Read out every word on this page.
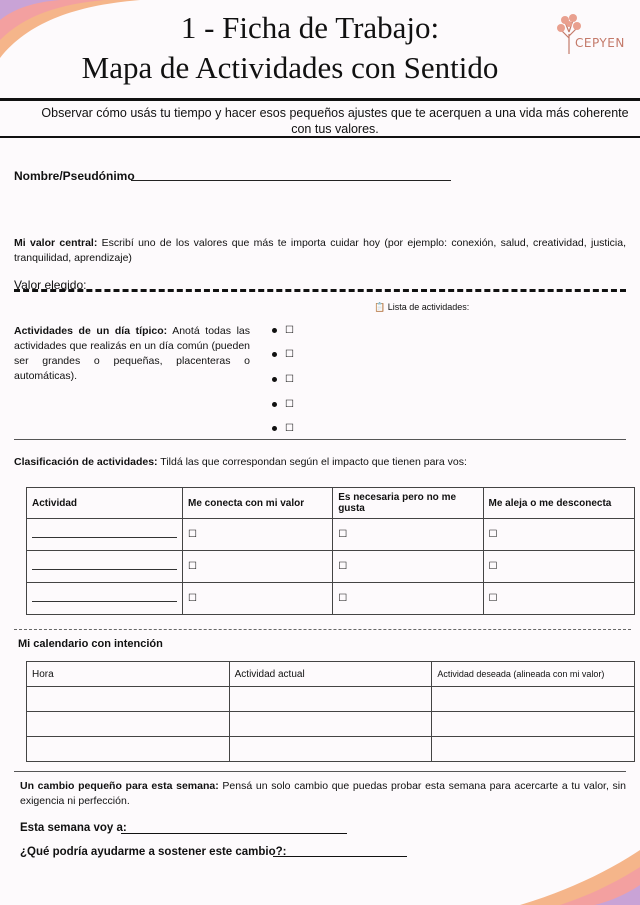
1 - Ficha de Trabajo:
Mapa de Actividades con Sentido
CEPYEN
Observar cómo usás tu tiempo y hacer esos pequeños ajustes que te acerquen a una vida más coherente con tus valores.
Nombre/Pseudónimo
Mi valor central: Escribí uno de los valores que más te importa cuidar hoy (por ejemplo: conexión, salud, creatividad, justicia, tranquilidad, aprendizaje)
Valor elegido:
📋 Lista de actividades:
Actividades de un día típico: Anotá todas las actividades que realizás en un día común (pueden ser grandes o pequeñas, placenteras o automáticas).
☐
☐
☐
☐
☐
Clasificación de actividades: Tildá las que correspondan según el impacto que tienen para vos:
Actividad	Me conecta con mi valor	Es necesaria pero no me gusta	Me aleja o me desconecta

	☐	☐	☐

	☐	☐	☐

	☐	☐	☐
Mi calendario con intención
Hora	Actividad actual	Actividad deseada (alineada con mi valor)

Un cambio pequeño para esta semana: Pensá un solo cambio que puedas probar esta semana para acercarte a tu valor, sin exigencia ni perfección.
Esta semana voy a:
¿Qué podría ayudarme a sostener este cambio?:
